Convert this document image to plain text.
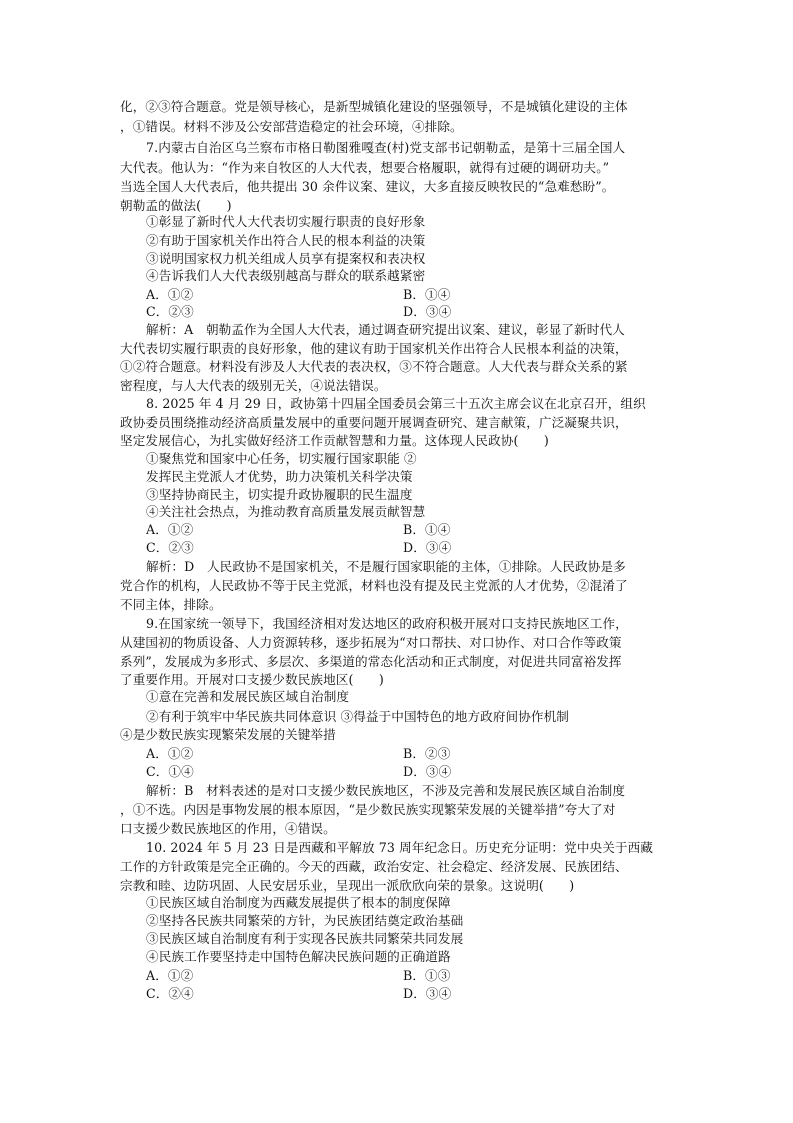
化，②③符合题意。党是领导核心，是新型城镇化建设的坚强领导，不是城镇化建设的主体
，①错误。材料不涉及公安部营造稳定的社会环境，④排除。
7.内蒙古自治区乌兰察布市格日勒图雅嘎查(村)党支部书记朝勒孟，是第十三届全国人
大代表。他认为：“作为来自牧区的人大代表，想要合格履职，就得有过硬的调研功夫。”
当选全国人大代表后，他共提出 30 余件议案、建议，大多直接反映牧民的“急难愁盼”。
朝勒孟的做法(　　)
①彰显了新时代人大代表切实履行职责的良好形象
②有助于国家机关作出符合人民的根本利益的决策
③说明国家权力机关组成人员享有提案权和表决权
④告诉我们人大代表级别越高与群众的联系越紧密
A．①②	B．①④
C．②③	D．③④
解析：A　朝勒孟作为全国人大代表，通过调查研究提出议案、建议，彰显了新时代人
大代表切实履行职责的良好形象，他的建议有助于国家机关作出符合人民根本利益的决策，
①②符合题意。材料没有涉及人大代表的表决权，③不符合题意。人大代表与群众关系的紧
密程度，与人大代表的级别无关，④说法错误。
8. 2025 年 4 月 29 日，政协第十四届全国委员会第三十五次主席会议在北京召开，组织
政协委员围绕推动经济高质量发展中的重要问题开展调查研究、建言献策，广泛凝聚共识，
坚定发展信心，为扎实做好经济工作贡献智慧和力量。这体现人民政协(　　)
①聚焦党和国家中心任务，切实履行国家职能 ②
发挥民主党派人才优势，助力决策机关科学决策
③坚持协商民主，切实提升政协履职的民生温度
④关注社会热点，为推动教育高质量发展贡献智慧
A．①②	B．①④
C．②③	D．③④
解析：D　人民政协不是国家机关，不是履行国家职能的主体，①排除。人民政协是多
党合作的机构，人民政协不等于民主党派，材料也没有提及民主党派的人才优势，②混淆了
不同主体，排除。
9.在国家统一领导下，我国经济相对发达地区的政府积极开展对口支持民族地区工作，
从建国初的物质设备、人力资源转移，逐步拓展为“对口帮扶、对口协作、对口合作等政策
系列”，发展成为多形式、多层次、多渠道的常态化活动和正式制度，对促进共同富裕发挥
了重要作用。开展对口支援少数民族地区(　　)
①意在完善和发展民族区域自治制度
②有利于筑牢中华民族共同体意识 ③得益于中国特色的地方政府间协作机制
④是少数民族实现繁荣发展的关键举措
A．①②	B．②③
C．①④	D．③④
解析：B　材料表述的是对口支援少数民族地区，不涉及完善和发展民族区域自治制度
，①不选。内因是事物发展的根本原因，“是少数民族实现繁荣发展的关键举措”夸大了对
口支援少数民族地区的作用，④错误。
10. 2024 年 5 月 23 日是西藏和平解放 73 周年纪念日。历史充分证明：党中央关于西藏
工作的方针政策是完全正确的。今天的西藏，政治安定、社会稳定、经济发展、民族团结、
宗教和睦、边防巩固、人民安居乐业，呈现出一派欣欣向荣的景象。这说明(　　)
①民族区域自治制度为西藏发展提供了根本的制度保障
②坚持各民族共同繁荣的方针，为民族团结奠定政治基础
③民族区域自治制度有利于实现各民族共同繁荣共同发展
④民族工作要坚持走中国特色解决民族问题的正确道路
A．①②	B．①③
C．②④	D．③④
